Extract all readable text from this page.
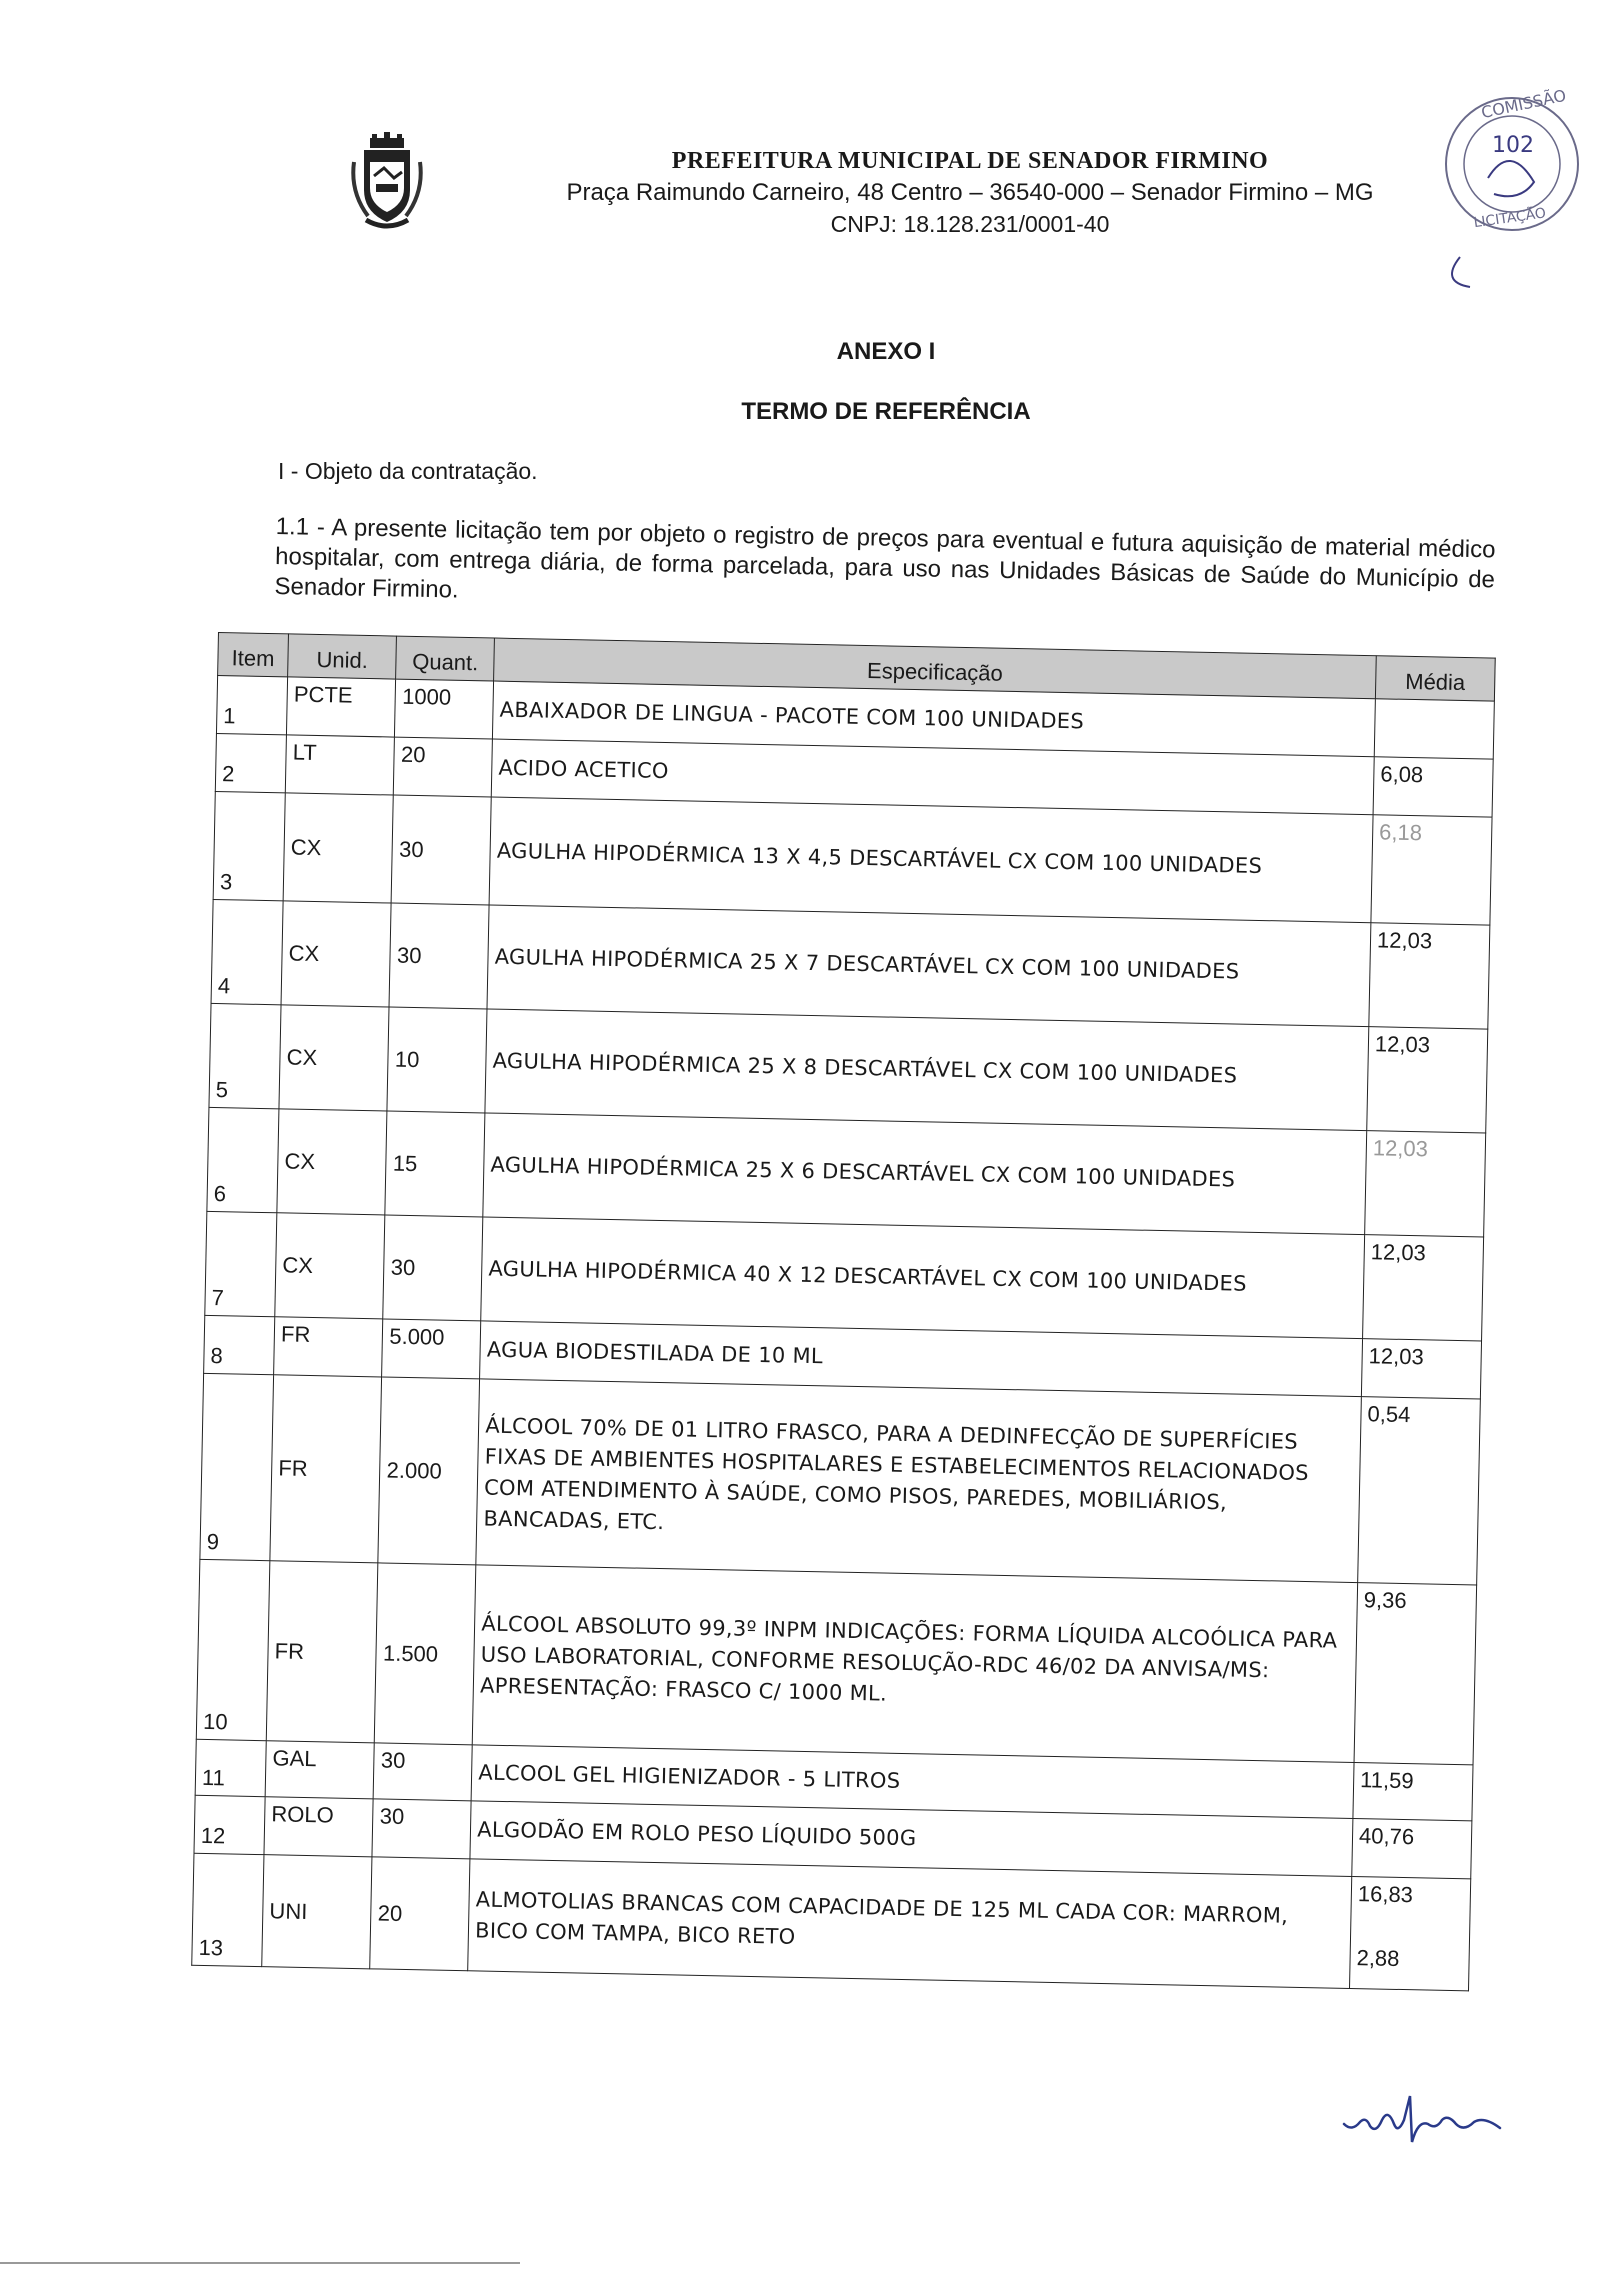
PREFEITURA MUNICIPAL DE SENADOR FIRMINO
Praça Raimundo Carneiro, 48 Centro – 36540-000 – Senador Firmino – MG
CNPJ: 18.128.231/0001-40
COMISSÃO
102
LICITAÇÃO
ANEXO I
TERMO DE REFERÊNCIA
I - Objeto da contratação.
1.1 - A presente licitação tem por objeto o registro de preços para eventual e futura aquisição de material médico hospitalar, com entrega diária, de forma parcelada, para uso nas Unidades Básicas de Saúde do Município de Senador Firmino.
Item	Unid.	Quant.	Especificação	Média
1	PCTE	1000	ABAIXADOR DE LINGUA - PACOTE COM 100 UNIDADES	
2	LT	20	ACIDO ACETICO	6,08
3	CX	30	AGULHA HIPODÉRMICA 13 X 4,5 DESCARTÁVEL CX COM 100 UNIDADES	6,18
4	CX	30	AGULHA HIPODÉRMICA 25 X 7 DESCARTÁVEL CX COM 100 UNIDADES	12,03
5	CX	10	AGULHA HIPODÉRMICA 25 X 8 DESCARTÁVEL CX COM 100 UNIDADES	12,03
6	CX	15	AGULHA HIPODÉRMICA 25 X 6 DESCARTÁVEL CX COM 100 UNIDADES	12,03
7	CX	30	AGULHA HIPODÉRMICA 40 X 12 DESCARTÁVEL CX COM 100 UNIDADES	12,03
8	FR	5.000	AGUA BIODESTILADA DE 10 ML	12,03
9	FR	2.000	ÁLCOOL 70% DE 01 LITRO FRASCO, PARA A DEDINFECÇÃO DE SUPERFÍCIES FIXAS DE AMBIENTES HOSPITALARES E ESTABELECIMENTOS RELACIONADOS COM ATENDIMENTO À SAÚDE, COMO PISOS, PAREDES, MOBILIÁRIOS, BANCADAS, ETC.	0,54
10	FR	1.500	ÁLCOOL ABSOLUTO 99,3º INPM INDICAÇÕES: FORMA LÍQUIDA ALCOÓLICA PARA USO LABORATORIAL, CONFORME RESOLUÇÃO-RDC 46/02 DA ANVISA/MS: APRESENTAÇÃO: FRASCO C/ 1000 ML.	9,36
11	GAL	30	ALCOOL GEL HIGIENIZADOR - 5 LITROS	11,59
12	ROLO	30	ALGODÃO EM ROLO PESO LÍQUIDO 500G	40,76
13	UNI	20	ALMOTOLIAS BRANCAS COM CAPACIDADE DE 125 ML CADA COR: MARROM, BICO COM TAMPA, BICO RETO	16,83
2,88
